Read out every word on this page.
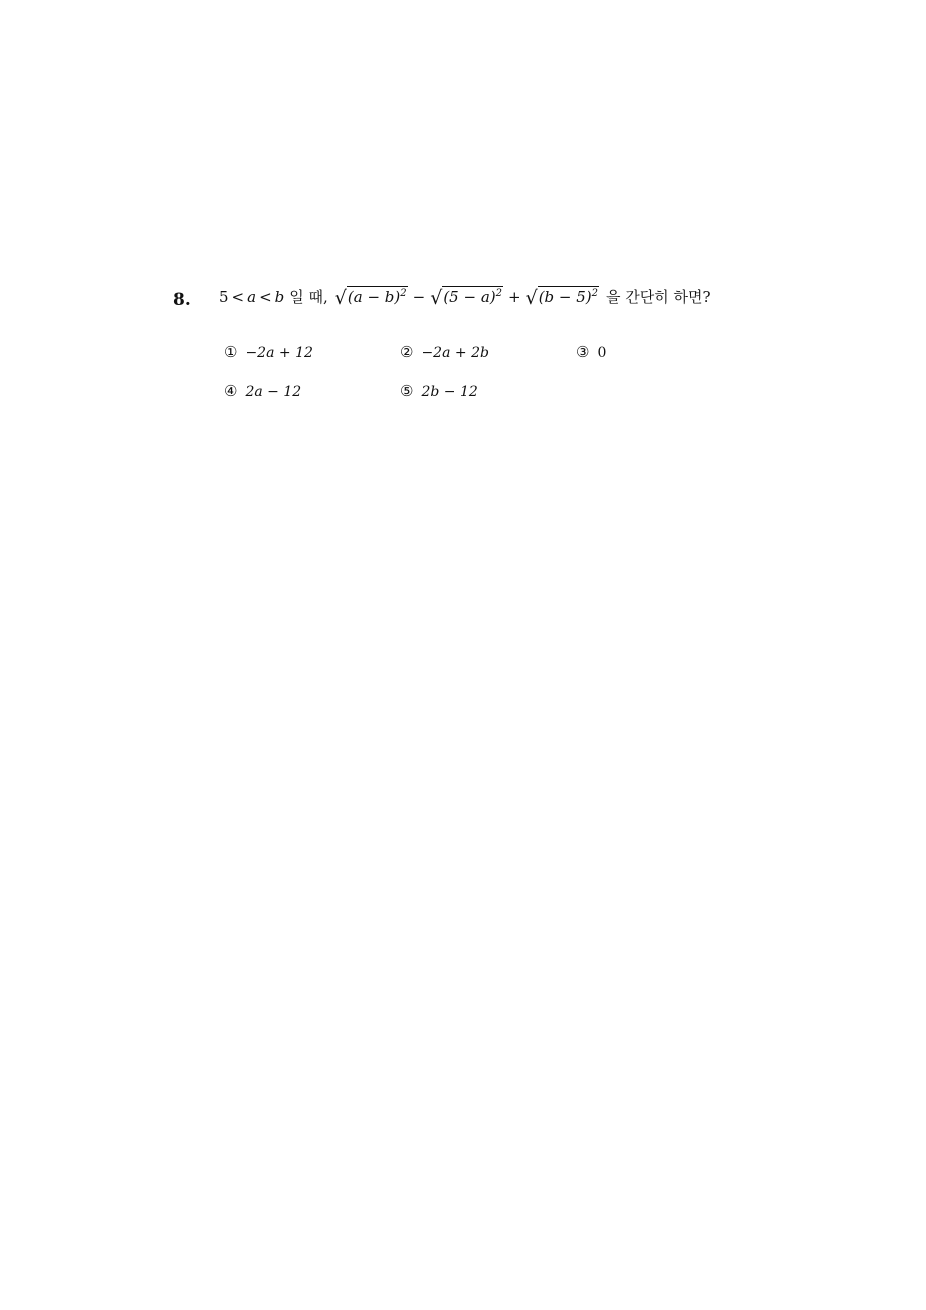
8. 5 < a < b 일 때, √ $(a - b)^2$ − √ $(5 - a)^2$ + √ $(b - 5)^2$ 을 간단히 하면?
① −2a + 12	② −2a + 2b	③ 0
④ 2a − 12	⑤ 2b − 12
